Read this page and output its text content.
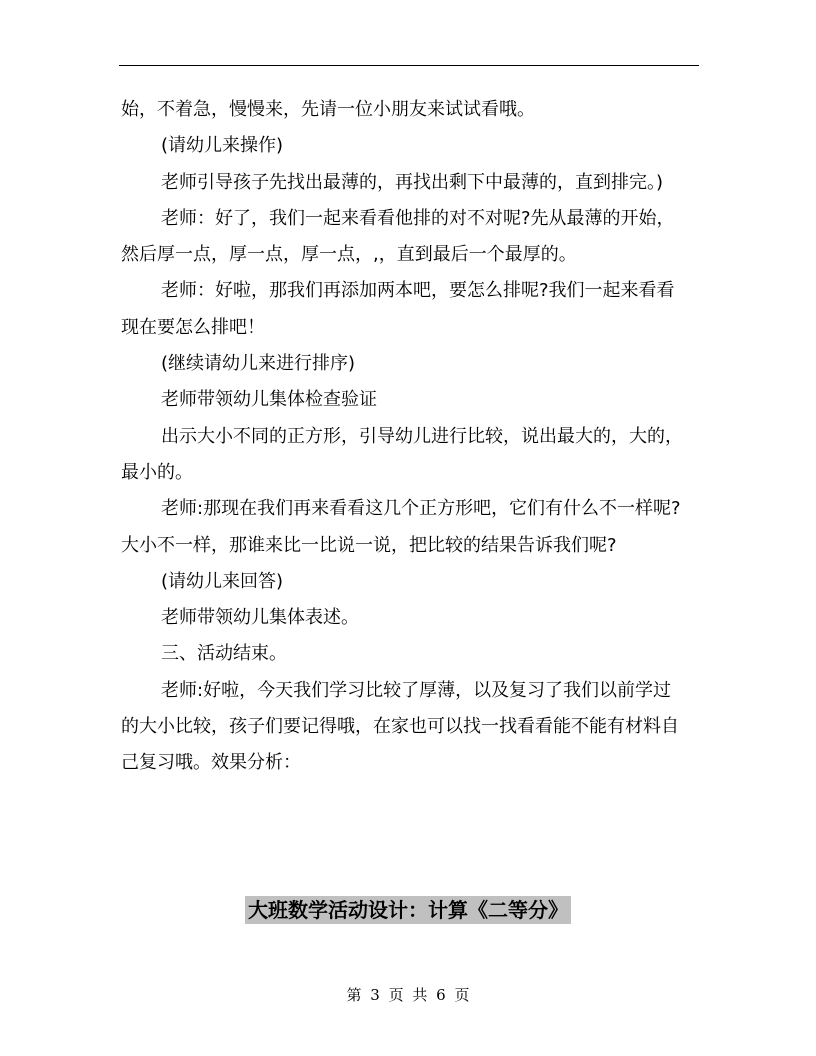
始，不着急，慢慢来，先请一位小朋友来试试看哦。
(请幼儿来操作)
老师引导孩子先找出最薄的，再找出剩下中最薄的，直到排完。)
老师：好了，我们一起来看看他排的对不对呢?先从最薄的开始，
然后厚一点，厚一点，厚一点，,，直到最后一个最厚的。
老师：好啦，那我们再添加两本吧，要怎么排呢?我们一起来看看
现在要怎么排吧！
(继续请幼儿来进行排序)
老师带领幼儿集体检查验证
出示大小不同的正方形，引导幼儿进行比较，说出最大的，大的，
最小的。
老师:那现在我们再来看看这几个正方形吧，它们有什么不一样呢?
大小不一样，那谁来比一比说一说，把比较的结果告诉我们呢?
(请幼儿来回答)
老师带领幼儿集体表述。
三、活动结束。
老师:好啦，今天我们学习比较了厚薄，以及复习了我们以前学过
的大小比较，孩子们要记得哦，在家也可以找一找看看能不能有材料自
己复习哦。效果分析：
大班数学活动设计：计算《二等分》
第 3 页 共 6 页
